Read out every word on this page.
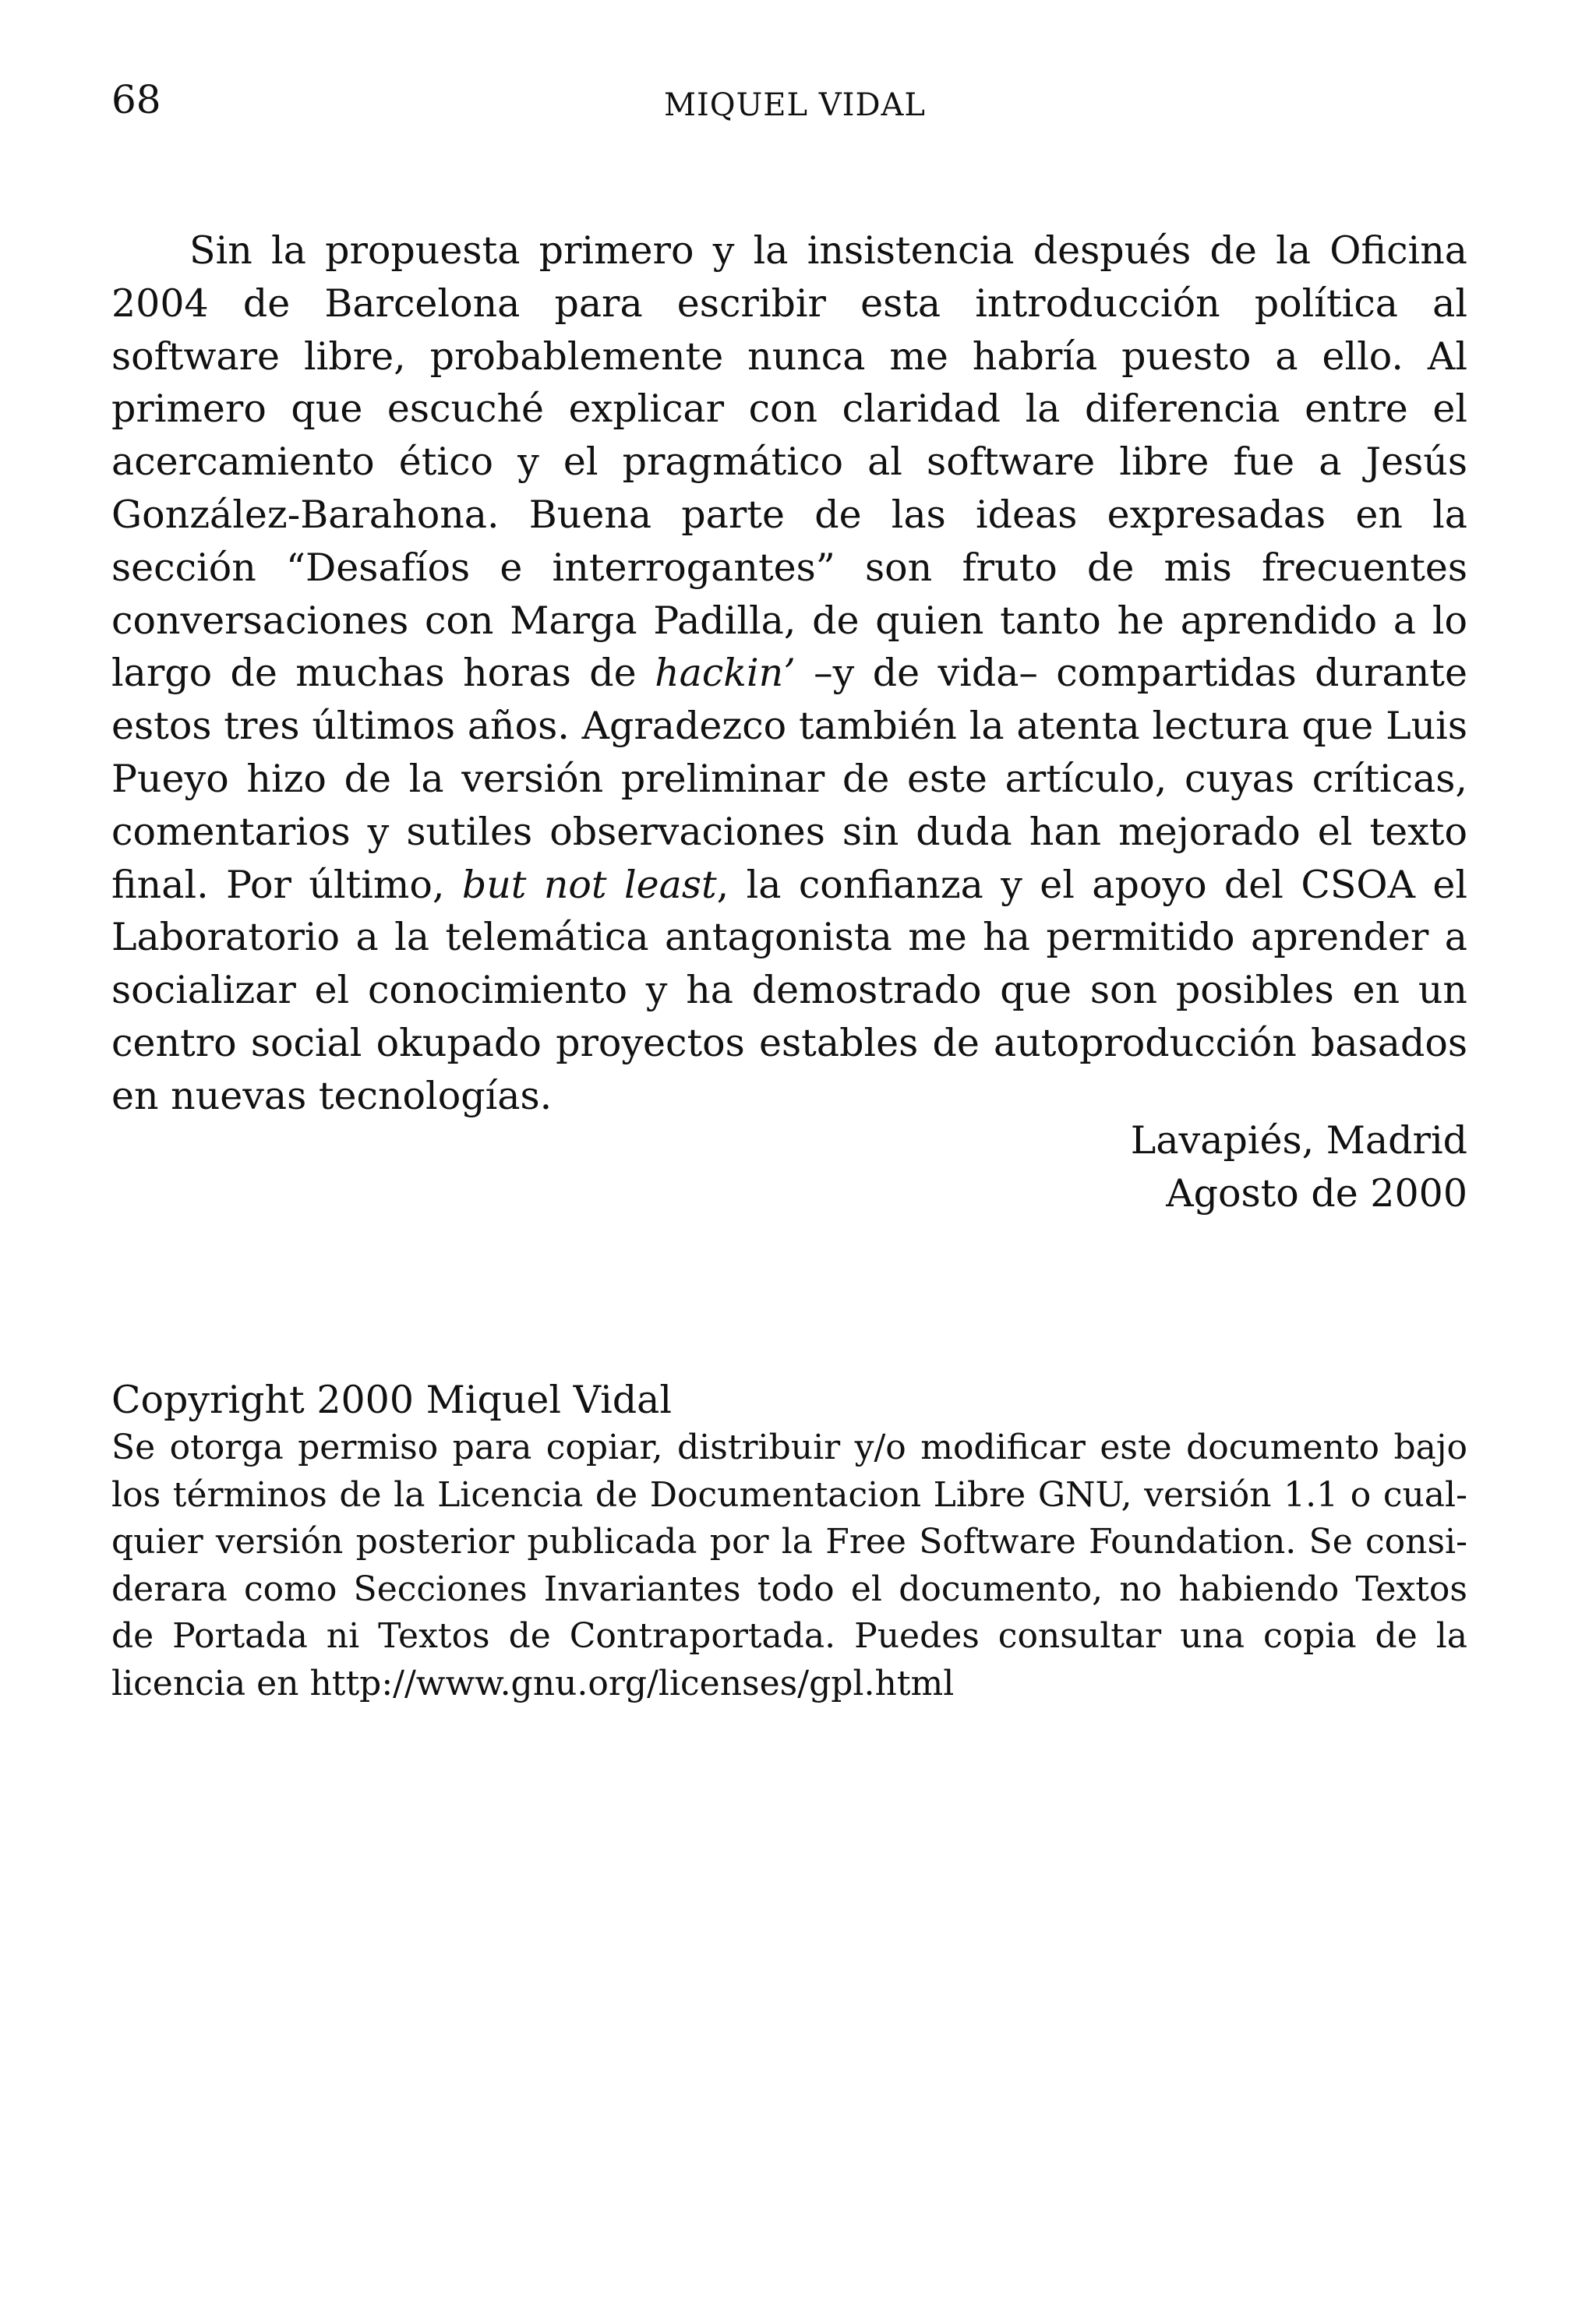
68	MIQUEL VIDAL

Sin la propuesta primero y la insistencia después de la Oficina 2004 de Barcelona para escribir esta introducción política al software libre, probablemente nunca me habría puesto a ello. Al primero que escuché explicar con claridad la diferencia entre el acercamiento ético y el pragmático al software libre fue a Jesús González-Barahona. Buena parte de las ideas expresadas en la sección “Desafíos e interrogantes” son fruto de mis frecuentes conversaciones con Marga Padilla, de quien tanto he aprendido a lo largo de muchas horas de hackin’ –y de vida– compartidas durante estos tres últimos años. Agradezco también la atenta lectura que Luis Pueyo hizo de la versión preliminar de este artículo, cuyas críticas, comentarios y sutiles observaciones sin duda han mejorado el texto final. Por último, but not least, la confianza y el apoyo del CSOA el Laboratorio a la telemática antagonista me ha permitido aprender a socializar el conocimiento y ha demostrado que son posibles en un centro social okupado proyectos estables de autoproducción basados en nuevas tecnologías.

Lavapiés, Madrid
Agosto de 2000
Copyright 2000 Miquel Vidal

Se otorga permiso para copiar, distribuir y/o modificar este documento bajo los términos de la Licencia de Documentacion Libre GNU, versión 1.1 o cualquier versión posterior publicada por la Free Software Foundation. Se considerara como Secciones Invariantes todo el documento, no habiendo Textos de Portada ni Textos de Contraportada. Puedes consultar una copia de la licencia en http://www.gnu.org/licenses/gpl.html
